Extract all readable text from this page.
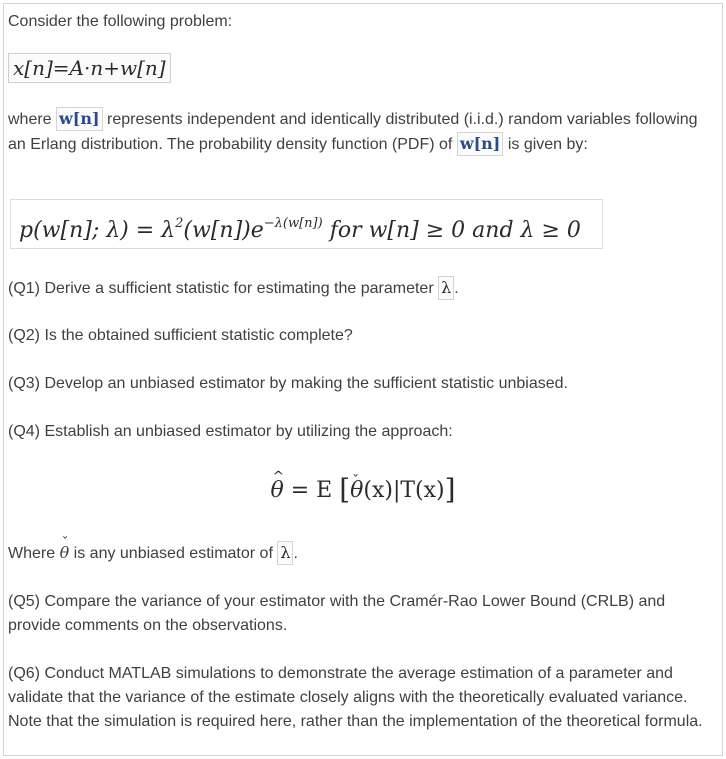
Consider the following problem:

x[n]=A·n+w[n]

where w[n] represents independent and identically distributed (i.i.d.) random variables following an Erlang distribution. The probability density function (PDF) of w[n] is given by:

p(w[n]; $\lambda) = \lambda^2(w[n])e^{-\lambda(w[n])}$ for w[n] ≥ 0 and λ ≥ 0

(Q1) Derive a sufficient statistic for estimating the parameter λ .

(Q2) Is the obtained sufficient statistic complete?

(Q3) Develop an unbiased estimator by making the sufficient statistic unbiased.

(Q4) Establish an unbiased estimator by utilizing the approach:

^ θ = E [ˇ θ(x)|T(x)]

Where ˇ θ is any unbiased estimator of λ .

(Q5) Compare the variance of your estimator with the Cramér-Rao Lower Bound (CRLB) and provide comments on the observations.

(Q6) Conduct MATLAB simulations to demonstrate the average estimation of a parameter and validate that the variance of the estimate closely aligns with the theoretically evaluated variance. Note that the simulation is required here, rather than the implementation of the theoretical formula.
